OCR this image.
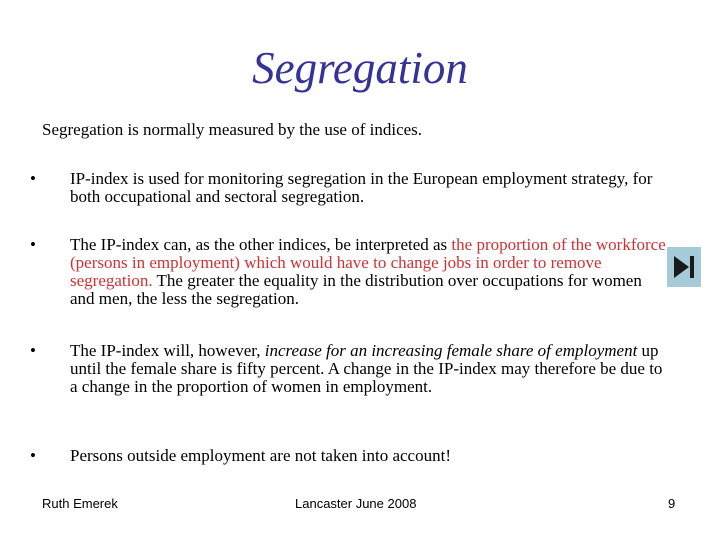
Segregation
Segregation is normally measured by the use of indices.
• IP-index is used for monitoring segregation in the European employment strategy, for both occupational and sectoral segregation.
• The IP-index can, as the other indices, be interpreted as the proportion of the workforce (persons in employment) which would have to change jobs in order to remove segregation. The greater the equality in the distribution over occupations for women and men, the less the segregation.
• The IP-index will, however, increase for an increasing female share of employment up until the female share is fifty percent. A change in the IP-index may therefore be due to a change in the proportion of women in employment.
• Persons outside employment are not taken into account!
Ruth Emerek	Lancaster June 2008	9
